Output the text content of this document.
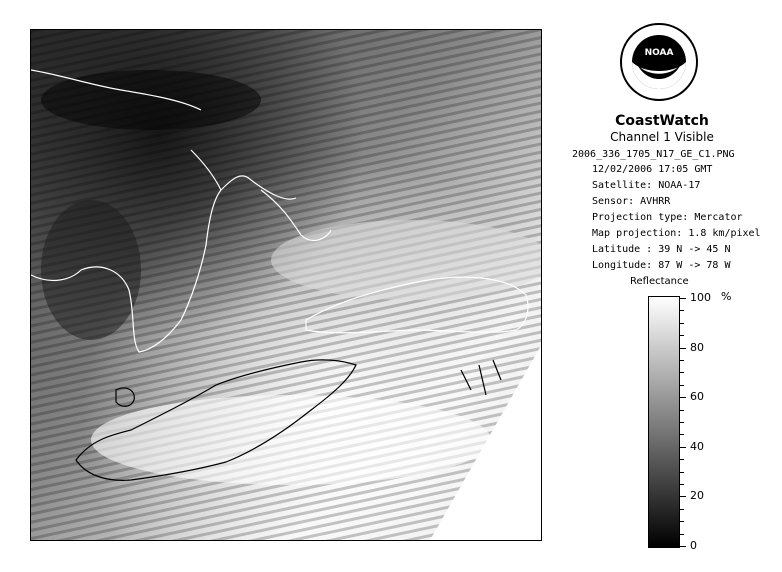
NOAA
CoastWatch
Channel 1 Visible
2006_336_1705_N17_GE_C1.PNG
12/02/2006 17:05 GMT
Satellite: NOAA-17
Sensor: AVHRR
Projection type: Mercator
Map projection: 1.8 km/pixel
Latitude : 39 N -> 45 N
Longitude: 87 W -> 78 W
Reflectance
%
100
80
60
40
20
0
